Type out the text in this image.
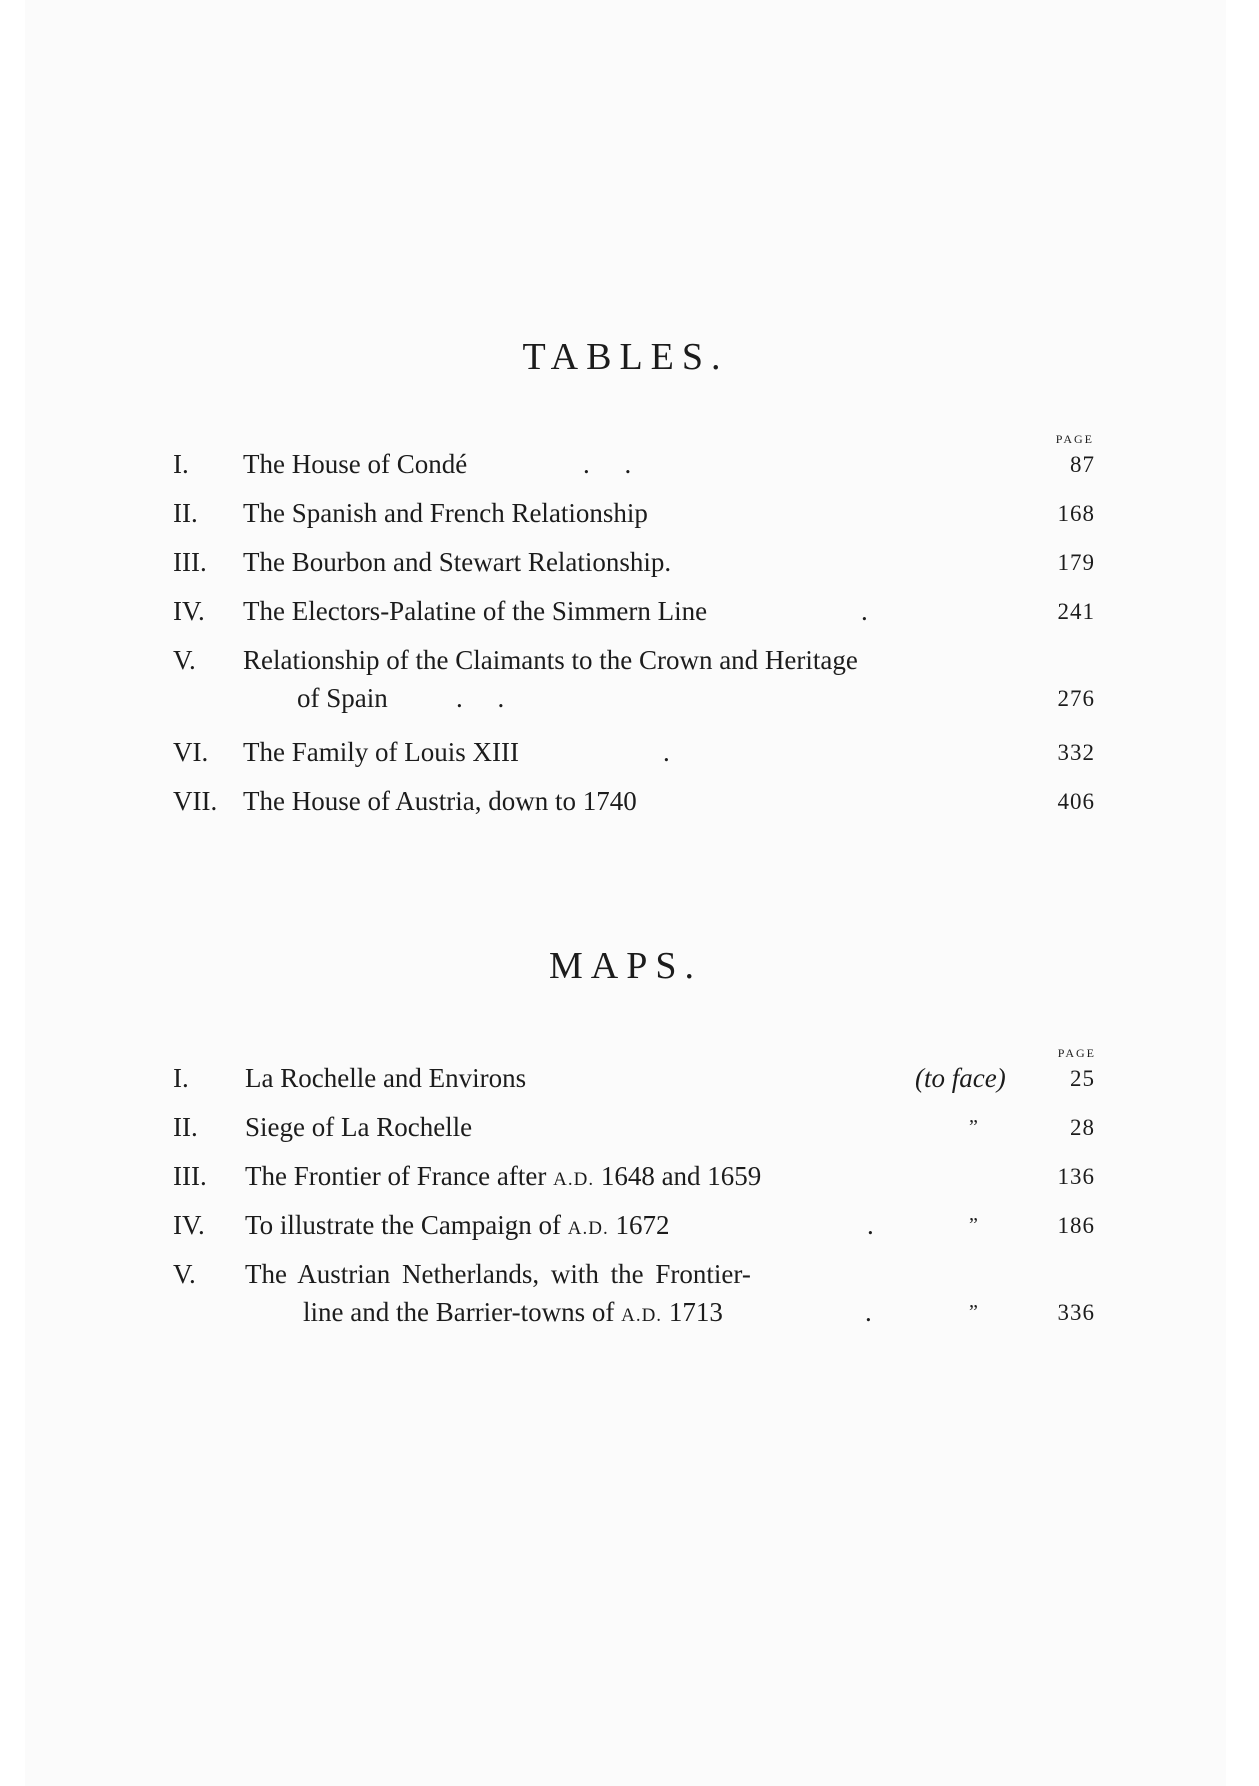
TABLES.
PAGE
I. The House of Condé	. .	87
II. The Spanish and French Relationship	168
III. The Bourbon and Stewart Relationship.	179
IV. The Electors-Palatine of the Simmern Line	.	241
V. Relationship of the Claimants to the Crown and Heritage
of Spain	. .	276
VI. The Family of Louis XIII	.	332
VII. The House of Austria, down to 1740	406
MAPS.
PAGE
I. La Rochelle and Environs	(to face)	25
II. Siege of La Rochelle	”	28
III. The Frontier of France after A.D. 1648 and 1659	136
IV. To illustrate the Campaign of A.D. 1672	.	”	186
V. The Austrian Netherlands, with the Frontier-
line and the Barrier-towns of A.D. 1713	.	”	336
